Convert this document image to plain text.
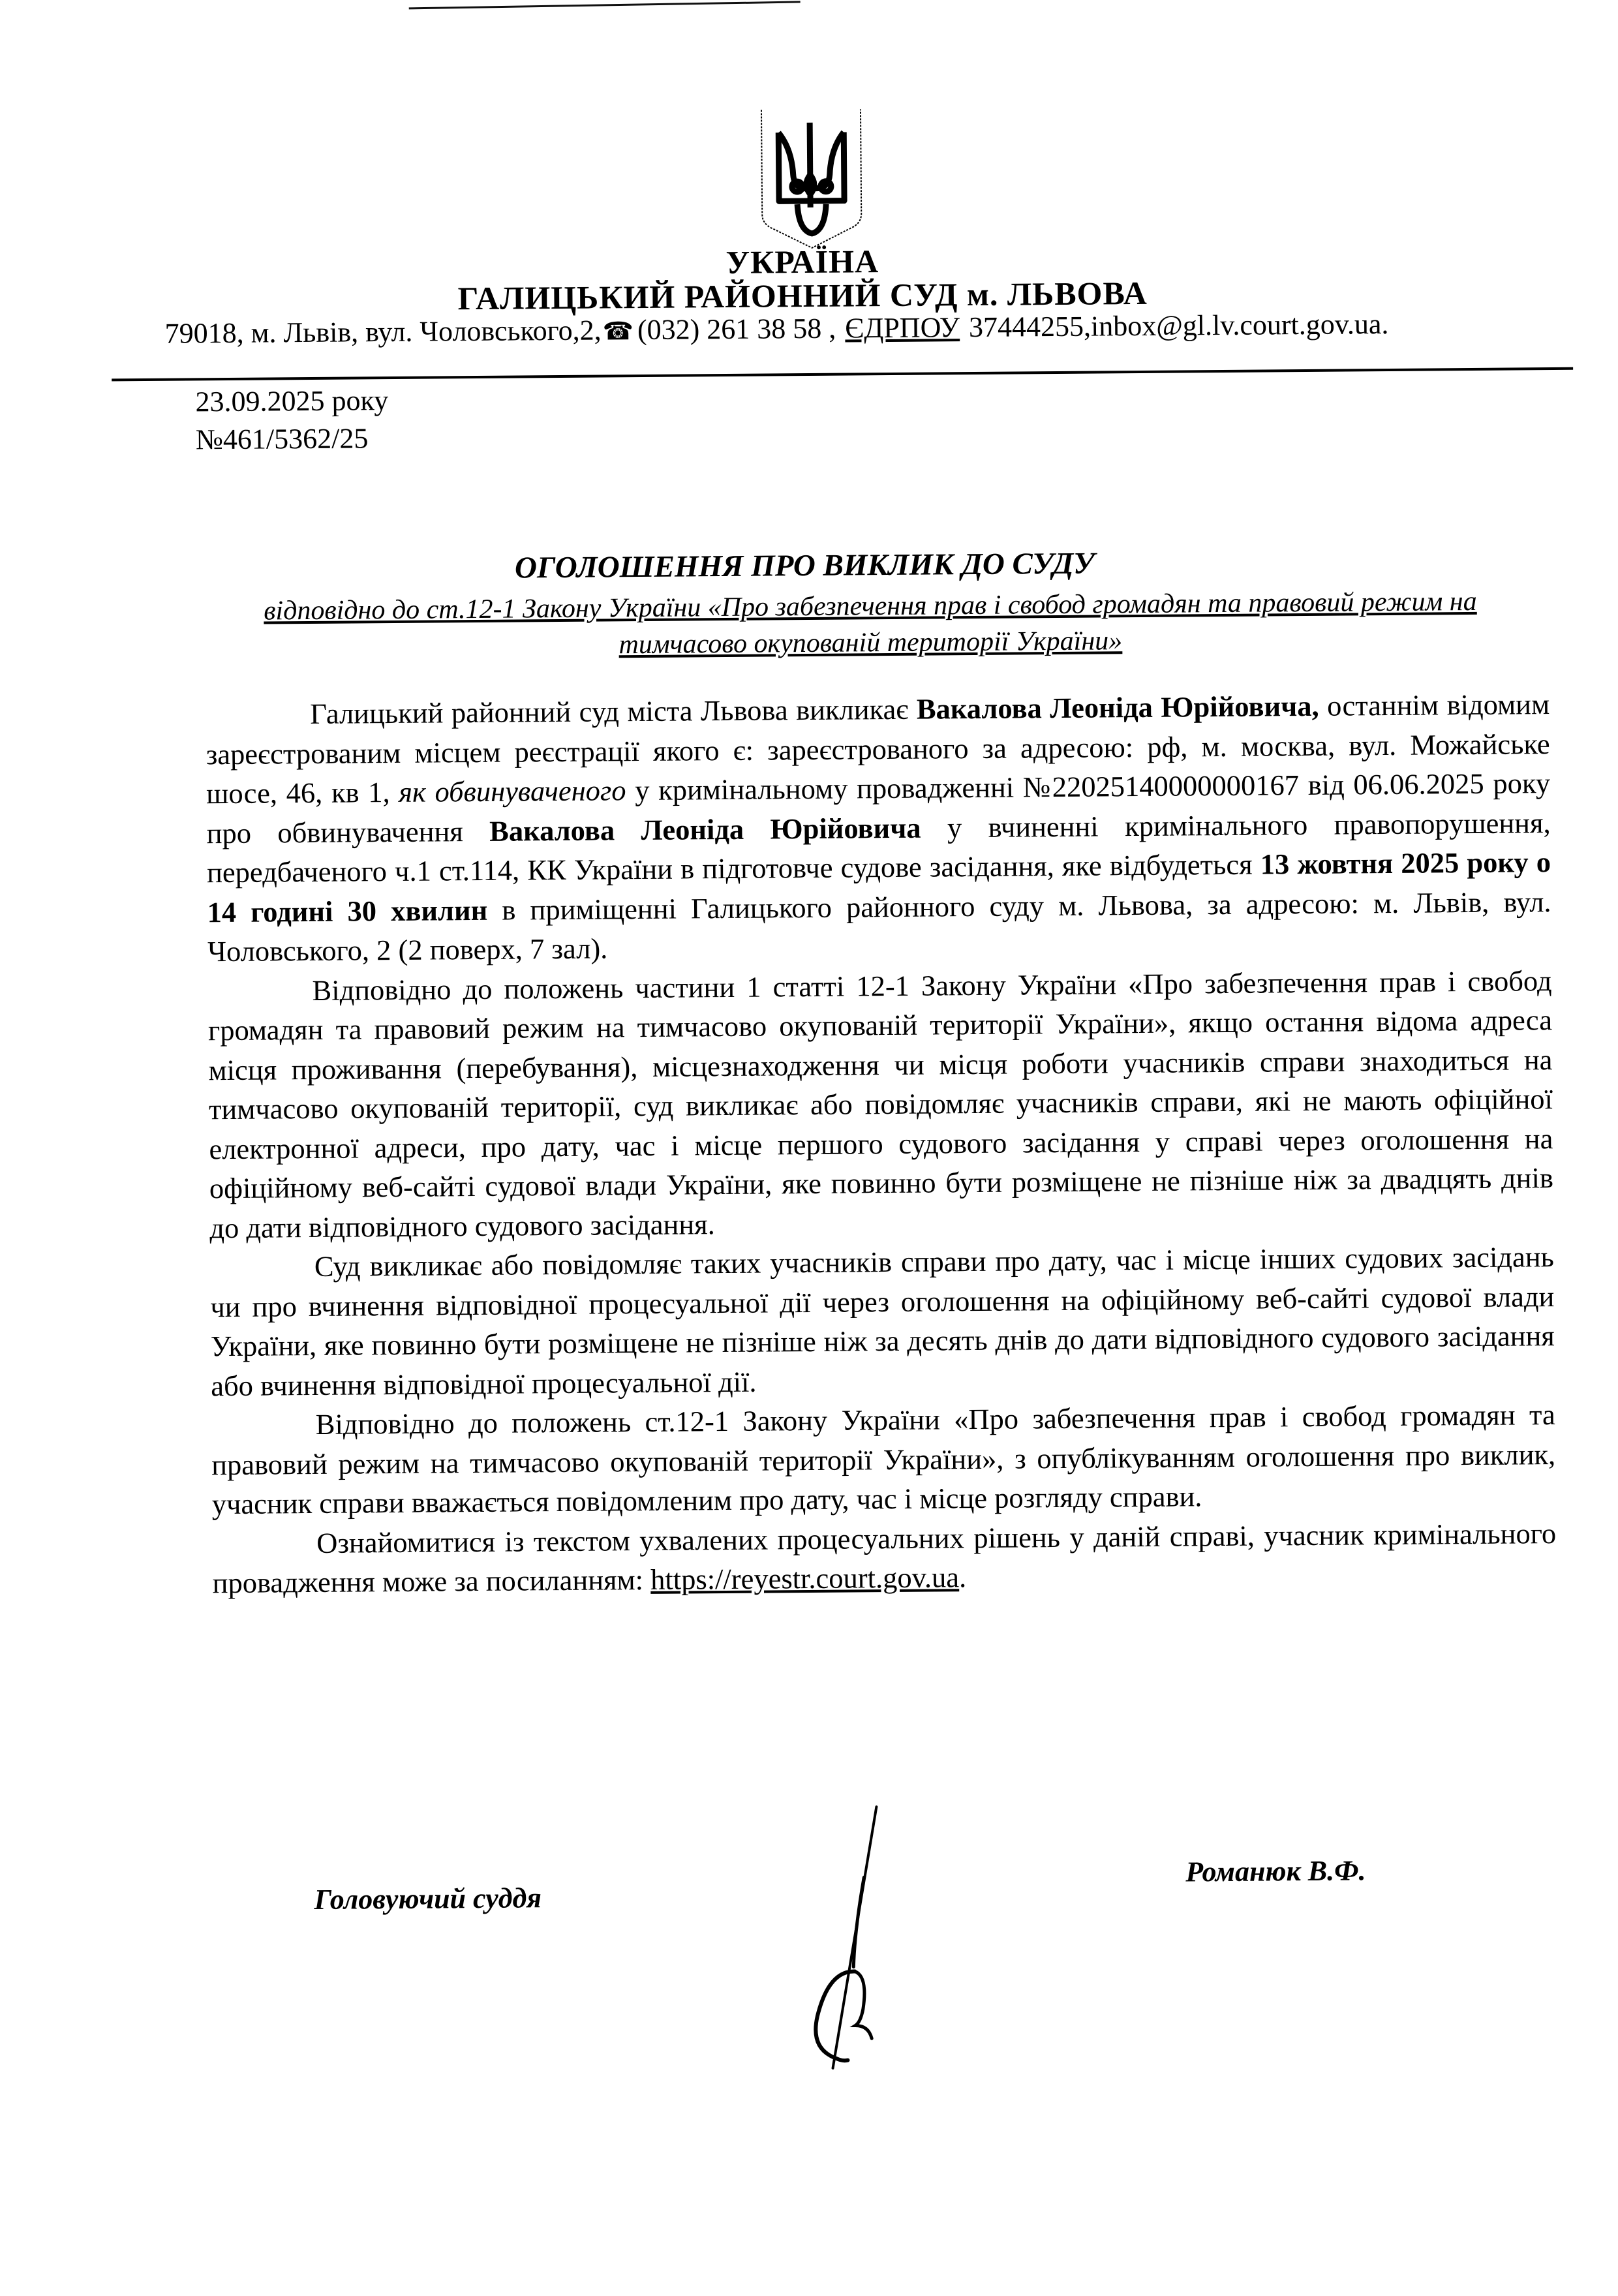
УКРАЇНА
ГАЛИЦЬКИЙ РАЙОННИЙ СУД м. ЛЬВОВА
79018, м. Львів, вул. Чоловського,2,☎ (032) 261 38 58 , ЄДРПОУ 37444255,inbox@gl.lv.court.gov.ua.
23.09.2025 року
№461/5362/25
ОГОЛОШЕННЯ ПРО ВИКЛИК ДО СУДУ
відповідно до ст.12-1 Закону України «Про забезпечення прав і свобод громадян та правовий режим на тимчасово окупованій території України»

Галицький районний суд міста Львова викликає Вакалова Леоніда Юрійовича, останнім відомим зареєстрованим місцем реєстрації якого є: зареєстрованого за адресою: рф, м. москва, вул. Можайське шосе, 46, кв 1, як обвинуваченого у кримінальному провадженні №22025140000000167 від 06.06.2025 року про обвинувачення Вакалова Леоніда Юрійовича у вчиненні кримінального правопорушення, передбаченого ч.1 ст.114, КК України в підготовче судове засідання, яке відбудеться 13 жовтня 2025 року о 14 годині 30 хвилин в приміщенні Галицького районного суду м. Львова, за адресою: м. Львів, вул. Чоловського, 2 (2 поверх, 7 зал).

Відповідно до положень частини 1 статті 12-1 Закону України «Про забезпечення прав і свобод громадян та правовий режим на тимчасово окупованій території України», якщо остання відома адреса місця проживання (перебування), місцезнаходження чи місця роботи учасників справи знаходиться на тимчасово окупованій території, суд викликає або повідомляє учасників справи, які не мають офіційної електронної адреси, про дату, час і місце першого судового засідання у справі через оголошення на офіційному веб-сайті судової влади України, яке повинно бути розміщене не пізніше ніж за двадцять днів до дати відповідного судового засідання.

Суд викликає або повідомляє таких учасників справи про дату, час і місце інших судових засідань чи про вчинення відповідної процесуальної дії через оголошення на офіційному веб-сайті судової влади України, яке повинно бути розміщене не пізніше ніж за десять днів до дати відповідного судового засідання або вчинення відповідної процесуальної дії.

Відповідно до положень ст.12-1 Закону України «Про забезпечення прав і свобод громадян та правовий режим на тимчасово окупованій території України», з опублікуванням оголошення про виклик, учасник справи вважається повідомленим про дату, час і місце розгляду справи.

Ознайомитися із текстом ухвалених процесуальних рішень у даній справі, учасник кримінального провадження може за посиланням: https://reyestr.court.gov.ua.

Головуючий суддя
Романюк В.Ф.
